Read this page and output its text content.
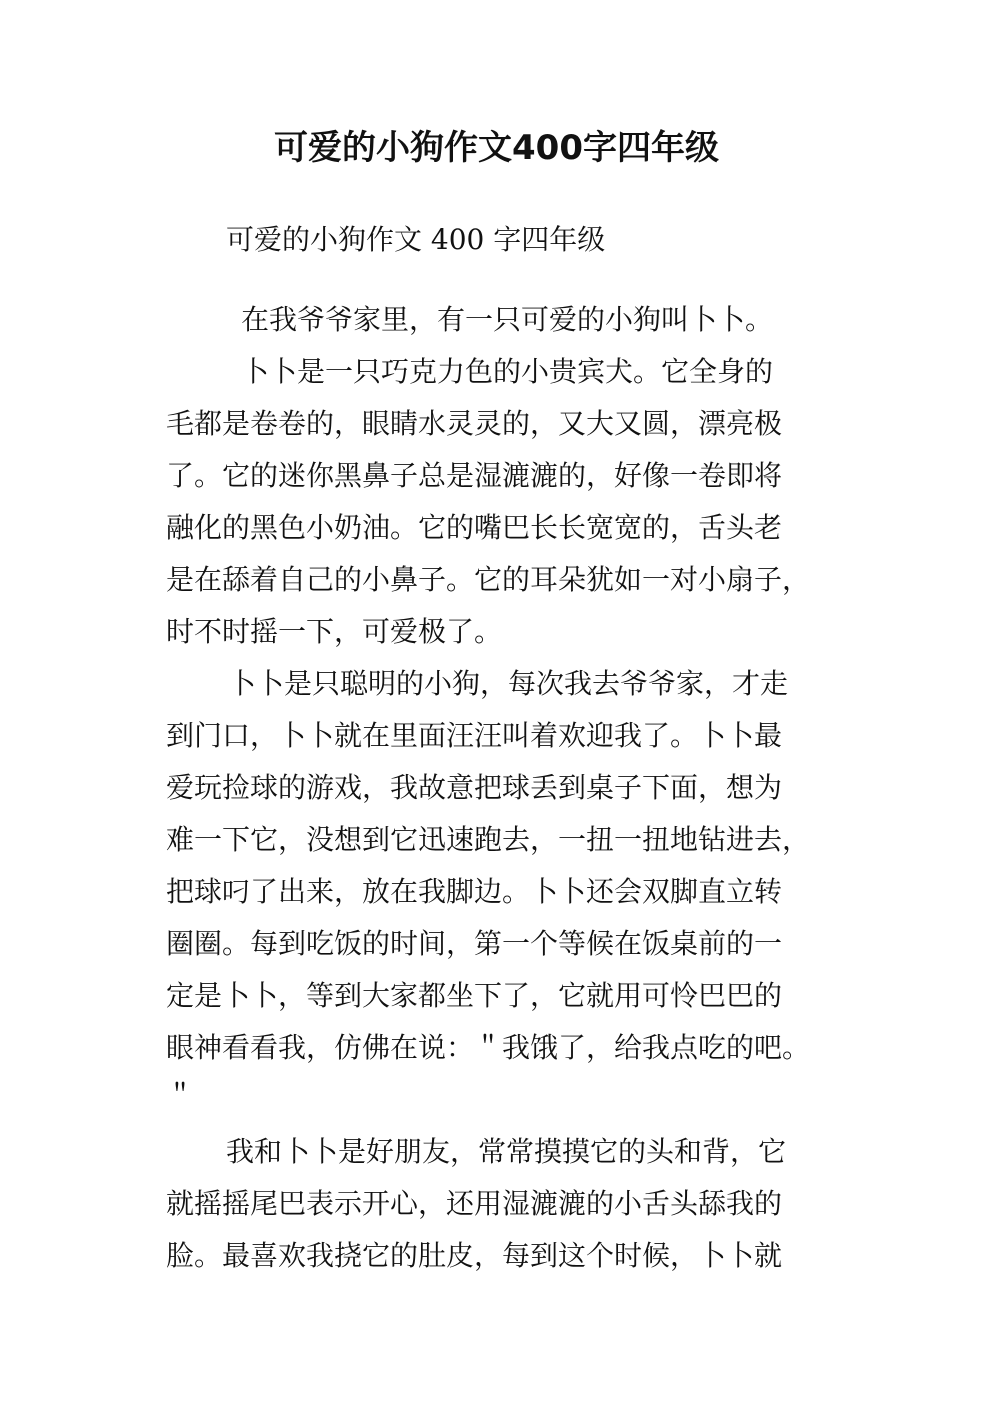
可爱的小狗作文400字四年级
可爱的小狗作文 400 字四年级
在我爷爷家里，有一只可爱的小狗叫卜卜。
卜卜是一只巧克力色的小贵宾犬。它全身的
毛都是卷卷的，眼睛水灵灵的，又大又圆，漂亮极
了。它的迷你黑鼻子总是湿漉漉的，好像一卷即将
融化的黑色小奶油。它的嘴巴长长宽宽的，舌头老
是在舔着自己的小鼻子。它的耳朵犹如一对小扇子，
时不时摇一下，可爱极了。
卜卜是只聪明的小狗，每次我去爷爷家，才走
到门口，卜卜就在里面汪汪叫着欢迎我了。卜卜最
爱玩捡球的游戏，我故意把球丢到桌子下面，想为
难一下它，没想到它迅速跑去，一扭一扭地钻进去，
把球叼了出来，放在我脚边。卜卜还会双脚直立转
圈圈。每到吃饭的时间，第一个等候在饭桌前的一
定是卜卜，等到大家都坐下了，它就用可怜巴巴的
眼神看看我，仿佛在说：＂我饿了，给我点吃的吧。
＂
我和卜卜是好朋友，常常摸摸它的头和背，它
就摇摇尾巴表示开心，还用湿漉漉的小舌头舔我的
脸。最喜欢我挠它的肚皮，每到这个时候，卜卜就
